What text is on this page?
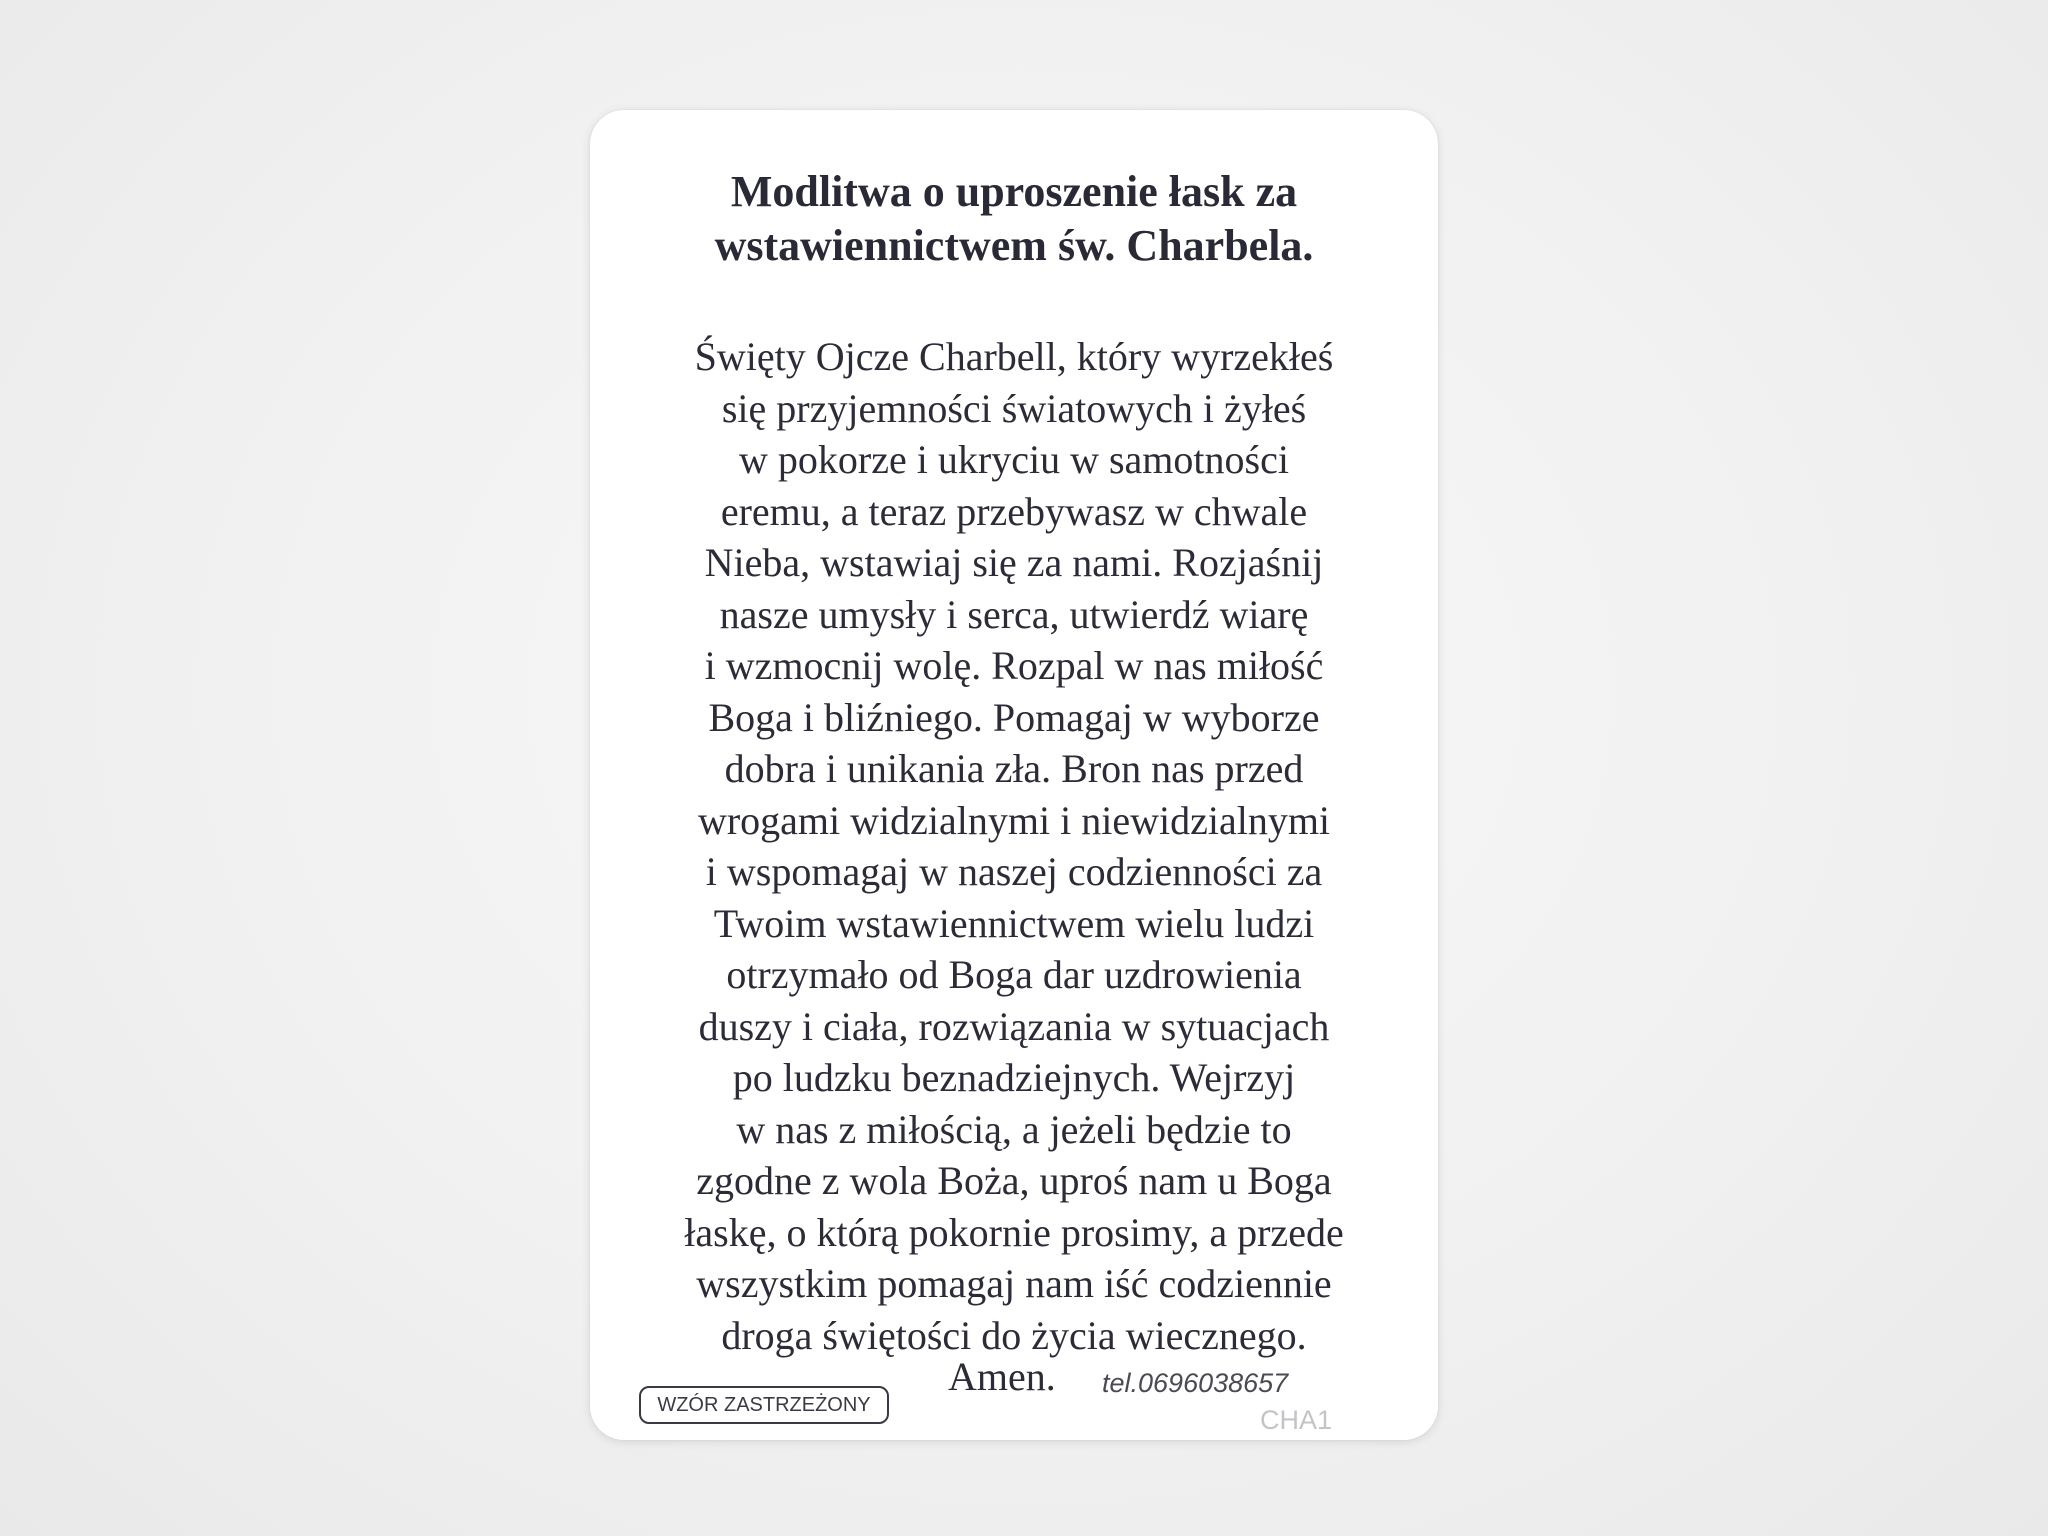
Modlitwa o uproszenie łask za
wstawiennictwem św. Charbela.
Święty Ojcze Charbell, który wyrzekłeś
się przyjemności światowych i żyłeś
w pokorze i ukryciu w samotności
eremu, a teraz przebywasz w chwale
Nieba, wstawiaj się za nami. Rozjaśnij
nasze umysły i serca, utwierdź wiarę
i wzmocnij wolę. Rozpal w nas miłość
Boga i bliźniego. Pomagaj w wyborze
dobra i unikania zła. Bron nas przed
wrogami widzialnymi i niewidzialnymi
i wspomagaj w naszej codzienności za
Twoim wstawiennictwem wielu ludzi
otrzymało od Boga dar uzdrowienia
duszy i ciała, rozwiązania w sytuacjach
po ludzku beznadziejnych. Wejrzyj
w nas z miłością, a jeżeli będzie to
zgodne z wola Boża, uproś nam u Boga
łaskę, o którą pokornie prosimy, a przede
wszystkim pomagaj nam iść codziennie
droga świętości do życia wiecznego.
WZÓR ZASTRZEŻONY
Amen. tel.0696038657
CHA1
